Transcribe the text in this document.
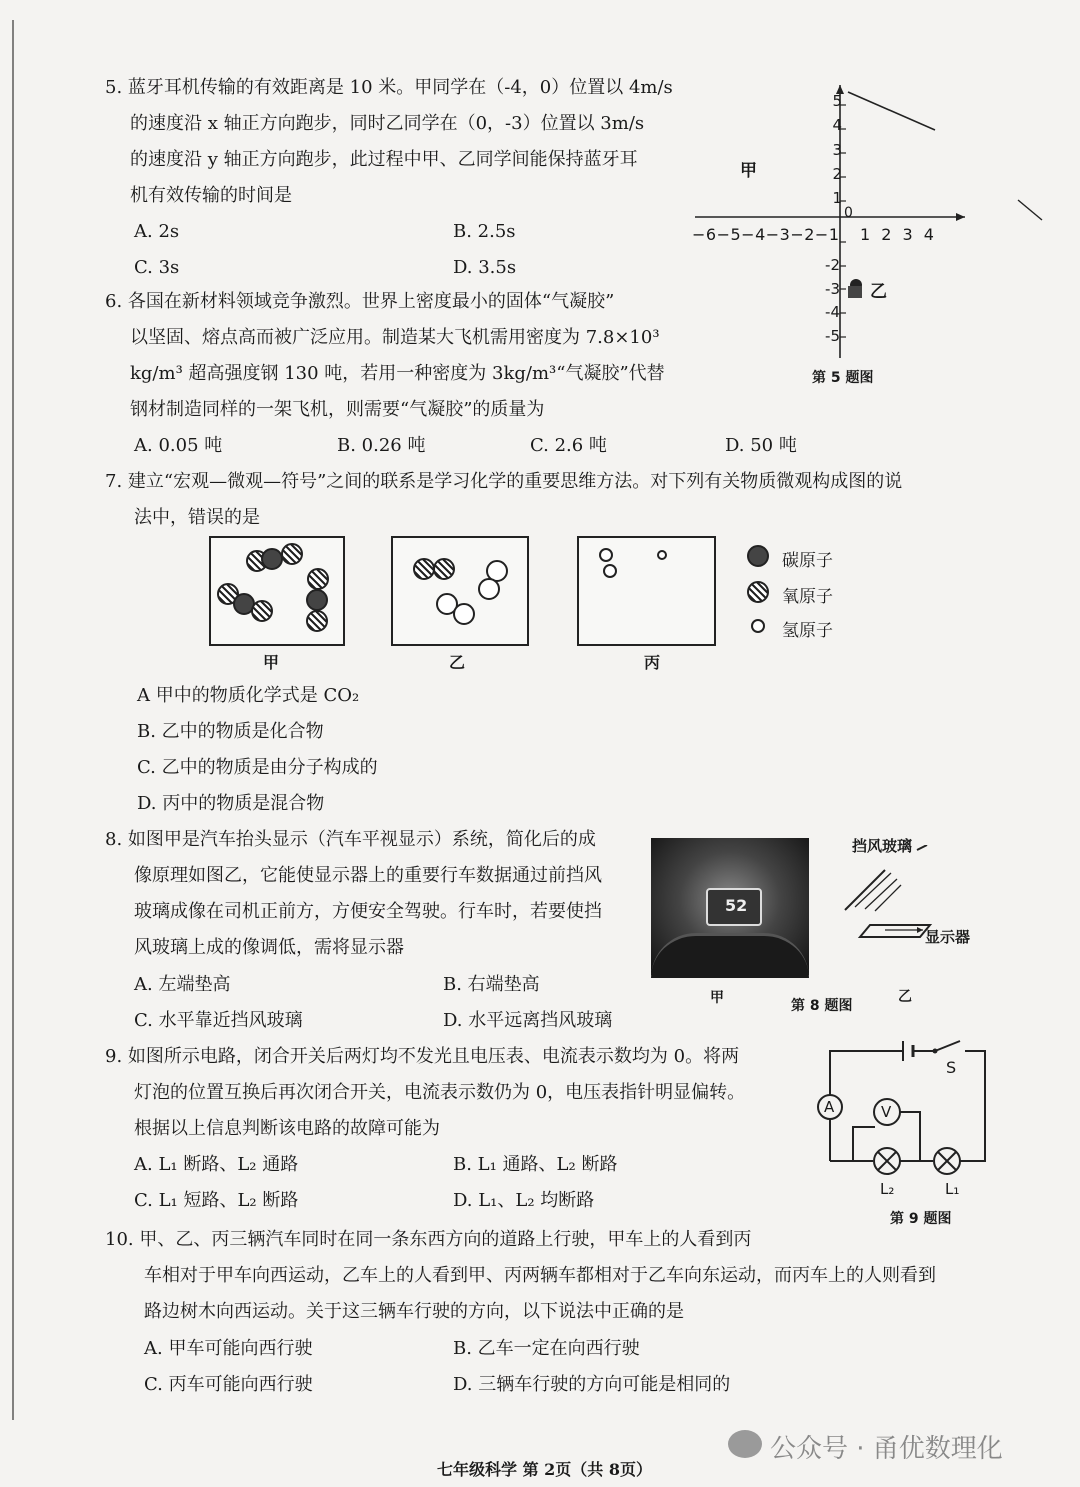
5. 蓝牙耳机传输的有效距离是 10 米。甲同学在（-4，0）位置以 4m/s
的速度沿 x 轴正方向跑步，同时乙同学在（0，-3）位置以 3m/s
的速度沿 y 轴正方向跑步，此过程中甲、乙同学间能保持蓝牙耳
机有效传输的时间是
A. 2s	B. 2.5s
C. 3s	D. 3.5s
5
4
3
2
1
-2
-3
-4
-5
−6−5−4−3−2−1 1 2 3 4
0
甲
乙
第 5 题图
6. 各国在新材料领域竞争激烈。世界上密度最小的固体“气凝胶”
以坚固、熔点高而被广泛应用。制造某大飞机需用密度为 7.8×10³
kg/m³ 超高强度钢 130 吨，若用一种密度为 3kg/m³“气凝胶”代替
钢材制造同样的一架飞机，则需要“气凝胶”的质量为
A. 0.05 吨	B. 0.26 吨	C. 2.6 吨	D. 50 吨
7. 建立“宏观—微观—符号”之间的联系是学习化学的重要思维方法。对下列有关物质微观构成图的说
法中，错误的是
甲	乙	丙
碳原子
氧原子
氢原子
A 甲中的物质化学式是 CO₂
B. 乙中的物质是化合物
C. 乙中的物质是由分子构成的
D. 丙中的物质是混合物
8. 如图甲是汽车抬头显示（汽车平视显示）系统，简化后的成
像原理如图乙，它能使显示器上的重要行车数据通过前挡风
玻璃成像在司机正前方，方便安全驾驶。行车时，若要使挡
风玻璃上成的像调低，需将显示器
A. 左端垫高	B. 右端垫高
C. 水平靠近挡风玻璃	D. 水平远离挡风玻璃
52
甲	第 8 题图
乙
挡风玻璃
显示器
9. 如图所示电路，闭合开关后两灯均不发光且电压表、电流表示数均为 0。将两
灯泡的位置互换后再次闭合开关，电流表示数仍为 0，电压表指针明显偏转。
根据以上信息判断该电路的故障可能为
A. L₁ 断路、L₂ 通路	B. L₁ 通路、L₂ 断路
C. L₁ 短路、L₂ 断路	D. L₁、L₂ 均断路
S
A	V
L₂	L₁
第 9 题图
10. 甲、乙、丙三辆汽车同时在同一条东西方向的道路上行驶，甲车上的人看到丙
车相对于甲车向西运动，乙车上的人看到甲、丙两辆车都相对于乙车向东运动，而丙车上的人则看到
路边树木向西运动。关于这三辆车行驶的方向，以下说法中正确的是
A. 甲车可能向西行驶	B. 乙车一定在向西行驶
C. 丙车可能向西行驶	D. 三辆车行驶的方向可能是相同的
公众号 · 甬优数理化
七年级科学 第 2页（共 8页）
